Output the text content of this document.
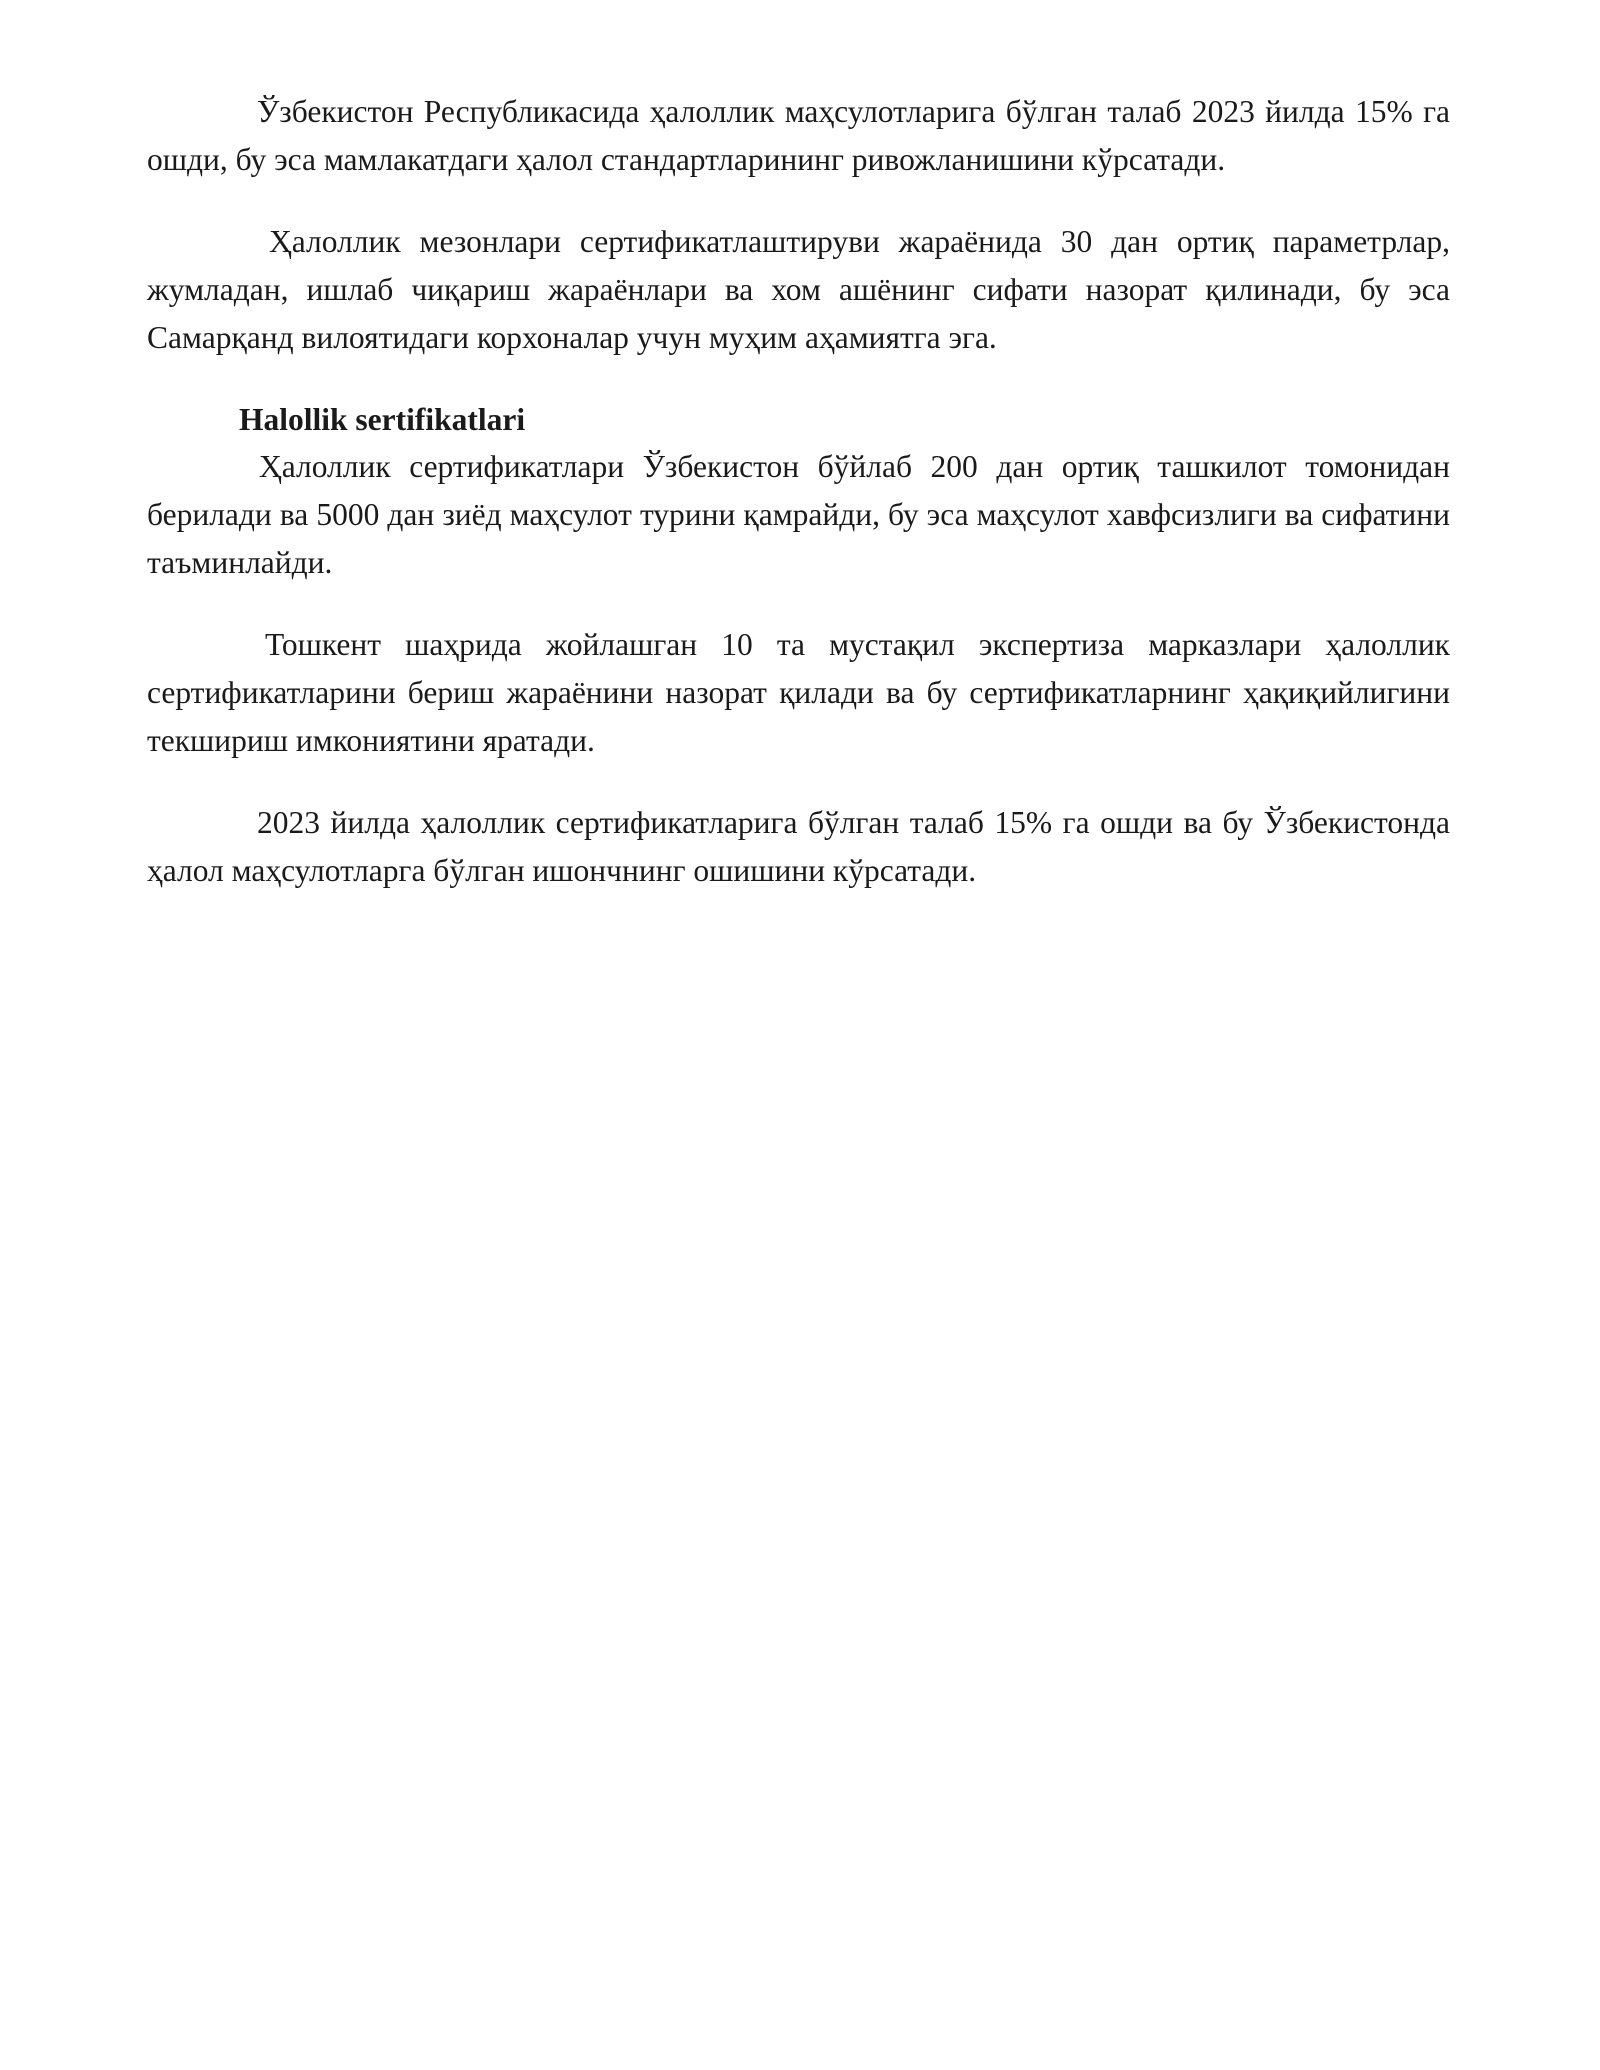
Ўзбекистон Республикасида ҳалоллик маҳсулотларига бўлган талаб 2023 йилда 15% га ошди, бу эса мамлакатдаги ҳалол стандартларининг ривожланишини кўрсатади.

Ҳалоллик мезонлари сертификатлаштируви жараёнида 30 дан ортиқ параметрлар, жумладан, ишлаб чиқариш жараёнлари ва хом ашёнинг сифати назорат қилинади, бу эса Самарқанд вилоятидаги корхоналар учун муҳим аҳамиятга эга.

Halollik sertifikatlari

Ҳалоллик сертификатлари Ўзбекистон бўйлаб 200 дан ортиқ ташкилот томонидан берилади ва 5000 дан зиёд маҳсулот турини қамрайди, бу эса маҳсулот хавфсизлиги ва сифатини таъминлайди.

Тошкент шаҳрида жойлашган 10 та мустақил экспертиза марказлари ҳалоллик сертификатларини бериш жараёнини назорат қилади ва бу сертификатларнинг ҳақиқийлигини текшириш имкониятини яратади.

2023 йилда ҳалоллик сертификатларига бўлган талаб 15% га ошди ва бу Ўзбекистонда ҳалол маҳсулотларга бўлган ишончнинг ошишини кўрсатади.
